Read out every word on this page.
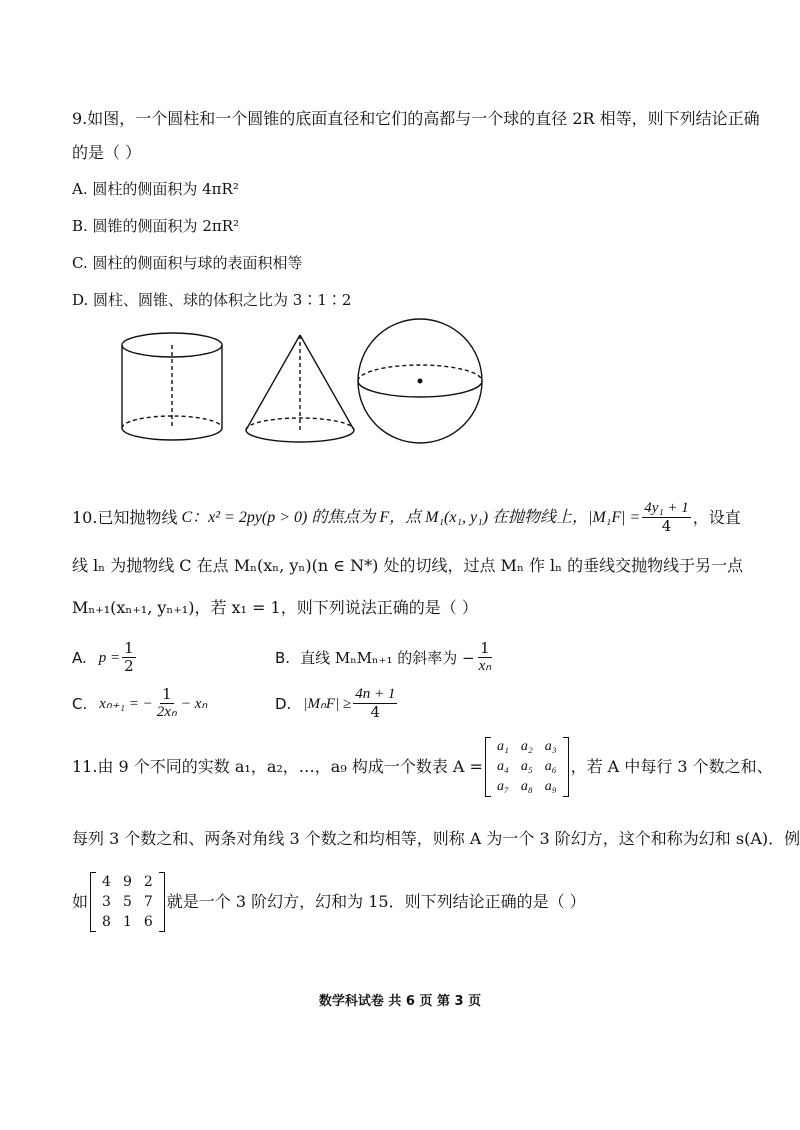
9.如图，一个圆柱和一个圆锥的底面直径和它们的高都与一个球的直径 2R 相等，则下列结论正确
的是（ ）
A. 圆柱的侧面积为 4πR²
B. 圆锥的侧面积为 2πR²
C. 圆柱的侧面积与球的表面积相等
D. 圆柱、圆锥、球的体积之比为 3∶1∶2
10.已知抛物线 C：x² = 2py(p > 0) 的焦点为 F，点 M₁(x₁, y₁) 在抛物线上，$|M_1F| = \frac{\text{4y₁ + 1}}{4}$ ，设直
线 lₙ 为抛物线 C 在点 Mₙ(xₙ, yₙ)(n ∈ N*) 处的切线，过点 Mₙ 作 lₙ 的垂线交抛物线于另一点
Mₙ₊₁(xₙ₊₁, yₙ₊₁)，若 x₁ = 1，则下列说法正确的是（ ）
A. $p = \frac{1}{2}$	B. 直线 MₙMₙ₊₁ 的斜率为 − $\frac{1}{\text{xₙ}}$
C. xₙ₊₁ = − $\frac{1}{\text{2xₙ}} - x_n$	D. $|M_nF| \ge \frac{4n + 1}{4}$
11.由 9 个不同的实数 a₁，a₂，…，a₉ 构成一个数表 A =
a₁	a₂	a₃
a₄	a₅	a₆
a₇	a₈	a₉
，若 A 中每行 3 个数之和、
每列 3 个数之和、两条对角线 3 个数之和均相等，则称 A 为一个 3 阶幻方，这个和称为幻和 s(A)．例
如
4	9	2
3	5	7
8	1	6
就是一个 3 阶幻方，幻和为 15．则下列结论正确的是（ ）
数学科试卷 共 6 页 第 3 页
